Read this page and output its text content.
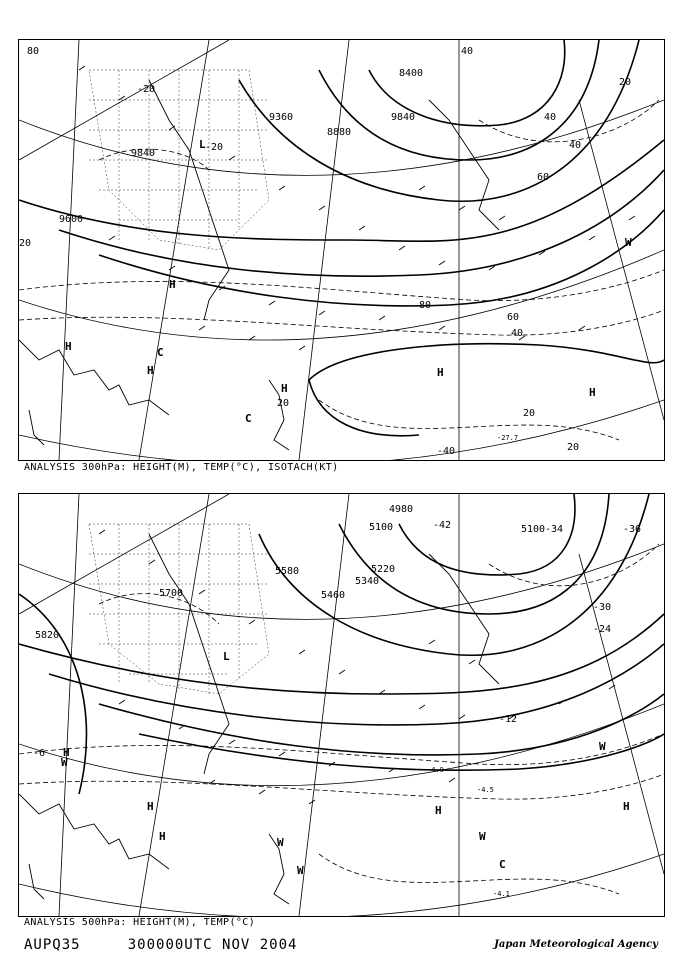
8400
9840
8880
9360
9600
9840
80	40
20
40
40
60
80
60
40
20
20
20
20
-20
-20
-40
-27.7
H
H
H	H
H
H
C
C
L
W
ANALYSIS 300hPa: HEIGHT(M), TEMP(°C), ISOTACH(KT)
4980
5100
5220
5340
5460
5580
5700
5820
5100
-42	-36
-34
-30
-24
-12
-6
-4.5
-4.9
-4.1
H
H
H	H
H
C
L
W
W
W
W
W
ANALYSIS 500hPa: HEIGHT(M), TEMP(°C)
AUPQ35	300000UTC NOV 2004	Japan Meteorological Agency
